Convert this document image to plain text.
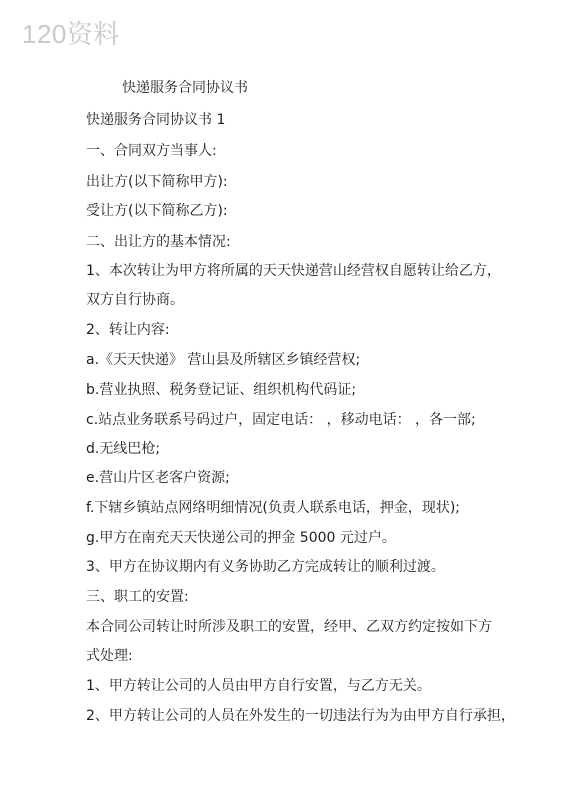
120资料
快递服务合同协议书
快递服务合同协议书 1
一、合同双方当事人:
出让方(以下简称甲方):
受让方(以下简称乙方):
二、出让方的基本情况:
1、本次转让为甲方将所属的天天快递营山经营权自愿转让给乙方，
双方自行协商。
2、转让内容:
a.《天天快递》 营山县及所辖区乡镇经营权;
b.营业执照、税务登记证、组织机构代码证;
c.站点业务联系号码过户，固定电话： ，移动电话： ，各一部;
d.无线巴枪;
e.营山片区老客户资源;
f.下辖乡镇站点网络明细情况(负责人联系电话，押金，现状);
g.甲方在南充天天快递公司的押金 5000 元过户。
3、甲方在协议期内有义务协助乙方完成转让的顺利过渡。
三、职工的安置:
本合同公司转让时所涉及职工的安置，经甲、乙双方约定按如下方
式处理:
1、甲方转让公司的人员由甲方自行安置，与乙方无关。
2、甲方转让公司的人员在外发生的一切违法行为为由甲方自行承担，
